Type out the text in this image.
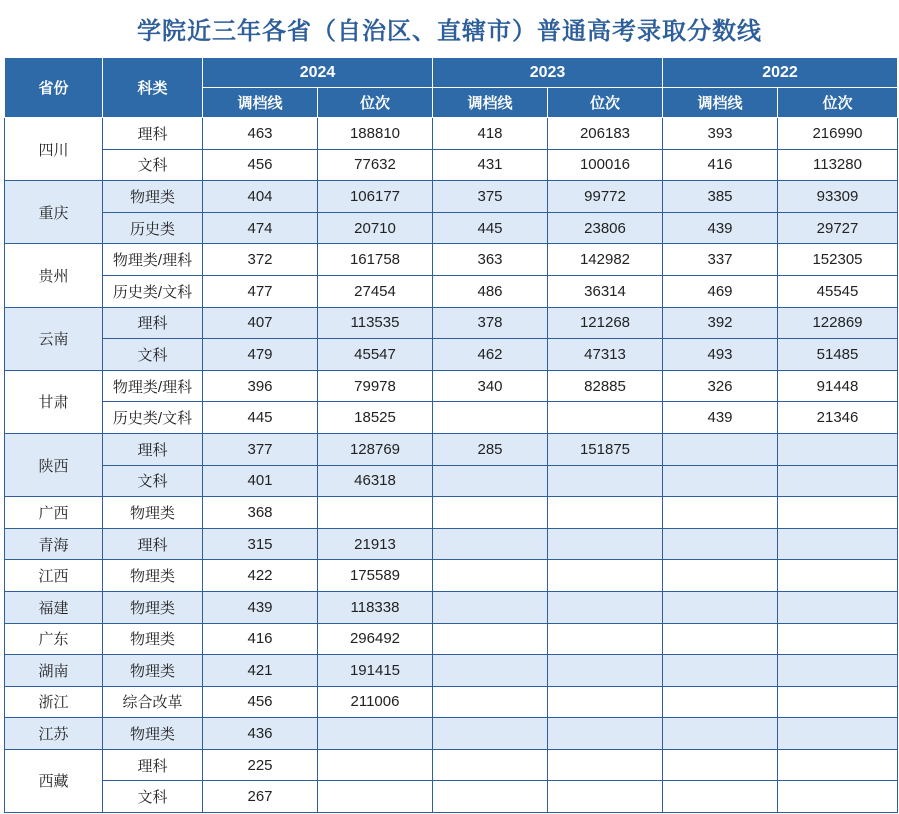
学院近三年各省（自治区、直辖市）普通高考录取分数线
省份	科类	2024		2023		2022	
		调档线	位次	调档线	位次	调档线	位次
四川	理科	463	188810	418	206183	393	216990
	文科	456	77632	431	100016	416	113280
重庆	物理类	404	106177	375	99772	385	93309
	历史类	474	20710	445	23806	439	29727
贵州	物理类/理科	372	161758	363	142982	337	152305
	历史类/文科	477	27454	486	36314	469	45545
云南	理科	407	113535	378	121268	392	122869
	文科	479	45547	462	47313	493	51485
甘肃	物理类/理科	396	79978	340	82885	326	91448
	历史类/文科	445	18525			439	21346
陕西	理科	377	128769	285	151875		
	文科	401	46318				
广西	物理类	368					
青海	理科	315	21913				
江西	物理类	422	175589				
福建	物理类	439	118338				
广东	物理类	416	296492				
湖南	物理类	421	191415				
浙江	综合改革	456	211006				
江苏	物理类	436					
西藏	理科	225					
	文科	267					
